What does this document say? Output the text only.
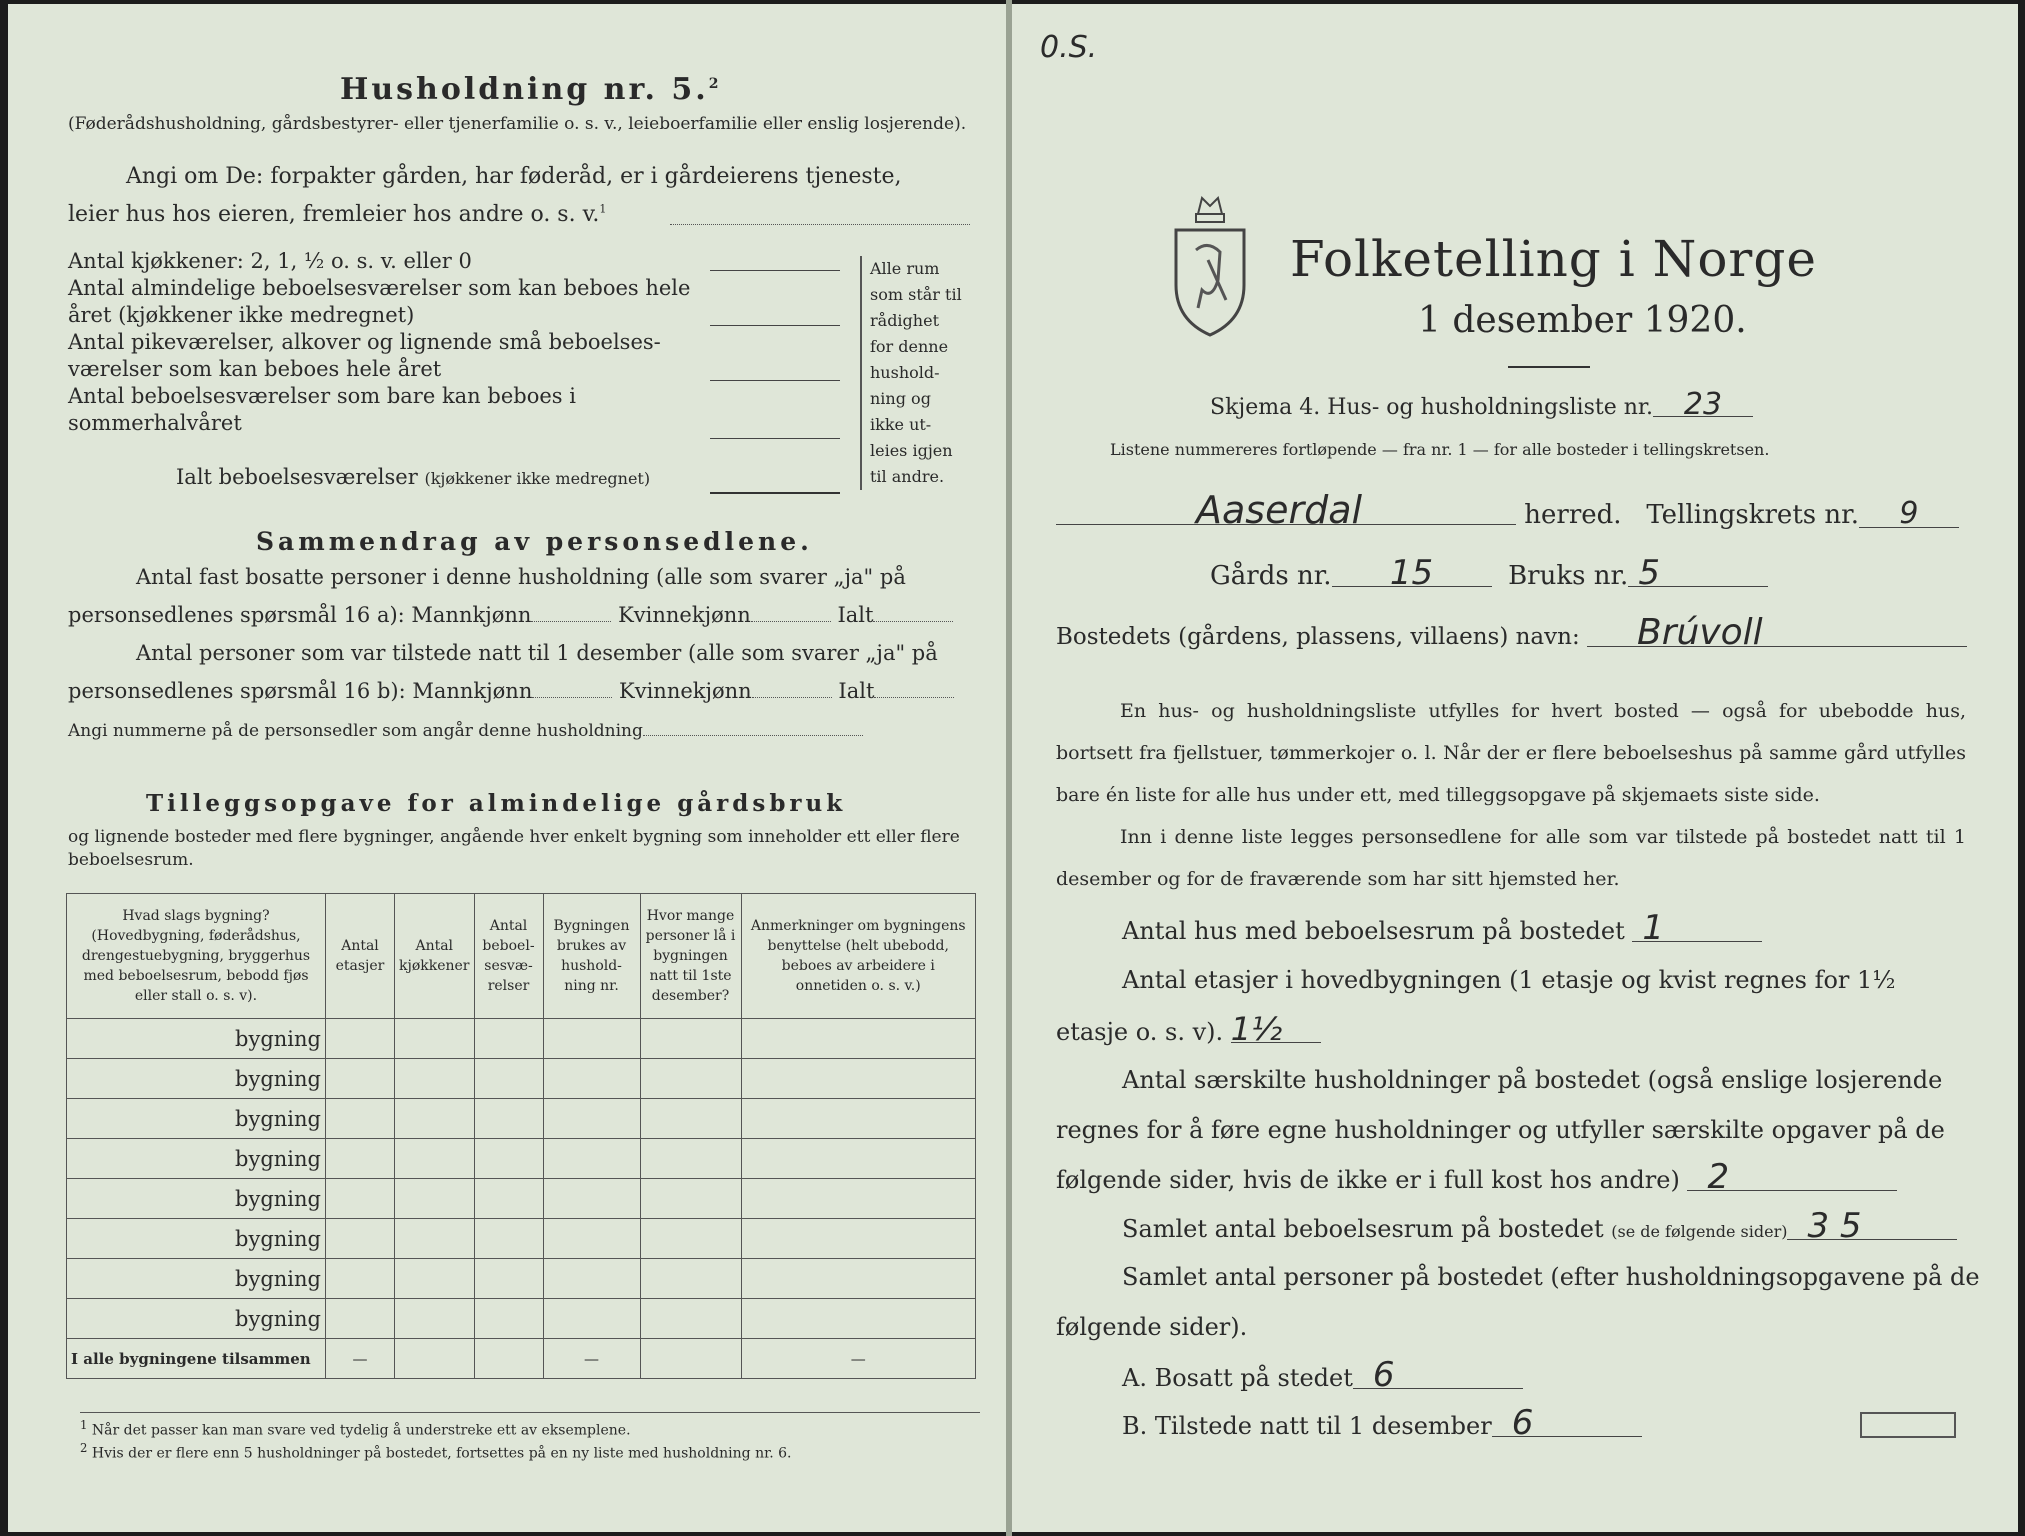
Husholdning nr. 5.$^2$
(Føderådshusholdning, gårdsbestyrer- eller tjenerfamilie o. s. v., leieboerfamilie eller enslig losjerende).
Angi om De: forpakter gården, har føderåd, er i gårdeierens tjeneste,
leier hus hos eieren, fremleier hos andre o. s. v.$^1$
Antal kjøkkener: 2, 1, ½ o. s. v. eller 0
Antal almindelige beboelsesværelser som kan beboes hele året (kjøkkener ikke medregnet)
Antal pikeværelser, alkover og lignende små beboelses-værelser som kan beboes hele året
Antal beboelsesværelser som bare kan beboes i sommerhalvåret
Ialt beboelsesværelser (kjøkkener ikke medregnet)
Alle rum
som står til
rådighet
for denne
hushold-
ning og
ikke ut-
leies igjen
til andre.
Sammendrag av personsedlene.
Antal fast bosatte personer i denne husholdning (alle som svarer „ja" på
personsedlenes spørsmål 16 a): Mannkjønn	Kvinnekjønn	Ialt
Antal personer som var tilstede natt til 1 desember (alle som svarer „ja" på
personsedlenes spørsmål 16 b): Mannkjønn	Kvinnekjønn	Ialt
Angi nummerne på de personsedler som angår denne husholdning
Tilleggsopgave for almindelige gårdsbruk
og lignende bosteder med flere bygninger, angående hver enkelt bygning som inneholder ett eller flere beboelsesrum.
Hvad slags bygning? (Hovedbygning, føderådshus, drengestuebygning, bryggerhus med beboelsesrum, bebodd fjøs eller stall o. s. v).	Antal etasjer	Antal kjøkkener	Antal beboel-sesvæ-relser	Bygningen brukes av hushold-ning nr.	Hvor mange personer lå i bygningen natt til 1ste desember?	Anmerkninger om bygningens benyttelse (helt ubebodd, beboes av arbeidere i onnetiden o. s. v.)
bygning						
bygning						
bygning						
bygning						
bygning						
bygning						
bygning						
bygning						
I alle bygningene tilsammen	—			—		—
$^1$ Når det passer kan man svare ved tydelig å understreke ett av eksemplene.
$^2$ Hvis der er flere enn 5 husholdninger på bostedet, fortsettes på en ny liste med husholdning nr. 6.
0.S.
Folketelling i Norge
1 desember 1920.
Skjema 4. Hus- og husholdningsliste nr. 23
Listene nummereres fortløpende — fra nr. 1 — for alle bosteder i tellingskretsen.
Aaserdal	herred. Tellingskrets nr. 9
Gårds nr. 15	Bruks nr. 5
Bostedets (gårdens, plassens, villaens) navn: Brúvoll
En hus- og husholdningsliste utfylles for hvert bosted — også for ubebodde hus, bortsett fra fjellstuer, tømmerkojer o. l. Når der er flere beboelseshus på samme gård utfylles bare én liste for alle hus under ett, med tilleggsopgave på skjemaets siste side.
Inn i denne liste legges personsedlene for alle som var tilstede på bostedet natt til 1 desember og for de fraværende som har sitt hjemsted her.
Antal hus med beboelsesrum på bostedet 1
Antal etasjer i hovedbygningen (1 etasje og kvist regnes for 1½
etasje o. s. v). 1½
Antal særskilte husholdninger på bostedet (også enslige losjerende
regnes for å føre egne husholdninger og utfyller særskilte opgaver på de
følgende sider, hvis de ikke er i full kost hos andre) 2
Samlet antal beboelsesrum på bostedet (se de følgende sider) 3 5
Samlet antal personer på bostedet (efter husholdningsopgavene på de
følgende sider).
A. Bosatt på stedet 6
B. Tilstede natt til 1 desember 6
